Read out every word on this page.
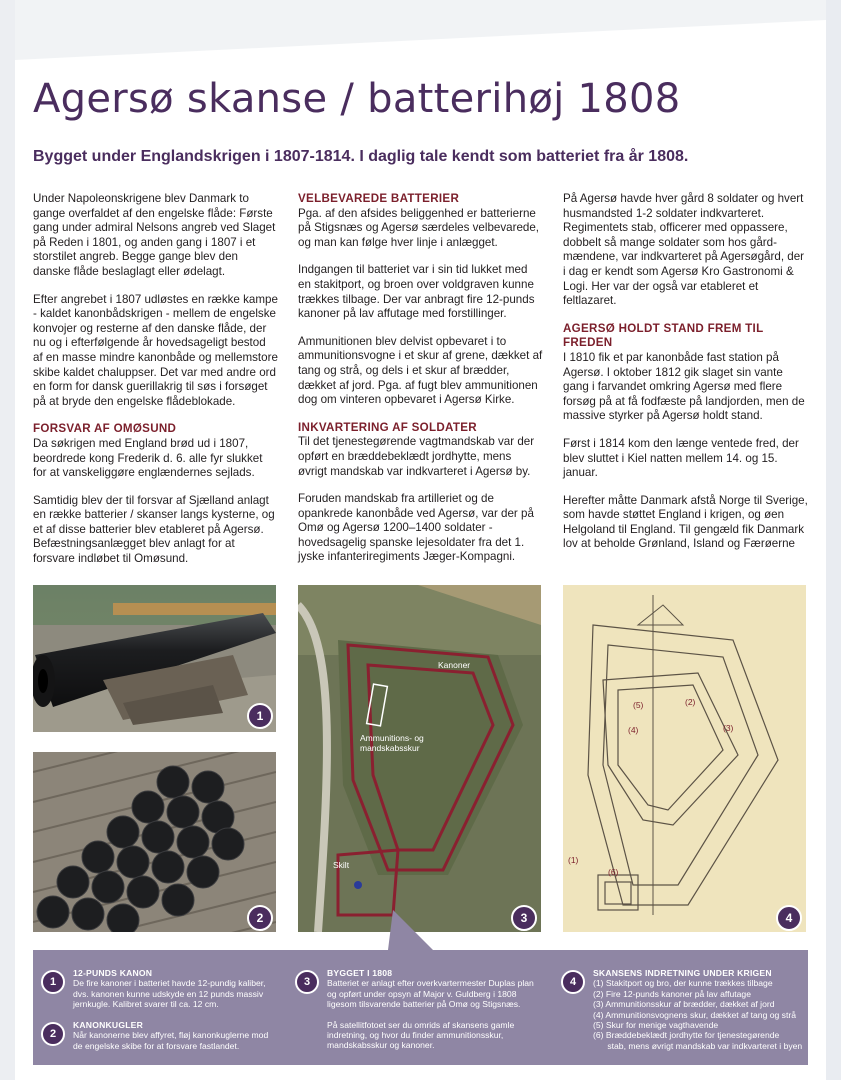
Agersø skanse / batterihøj 1808
Bygget under Englandskrigen i 1807-1814. I daglig tale kendt som batteriet fra år 1808.

Under Napoleonskrigene blev Danmark to gange overfaldet af den engelske flåde: Første gang under admiral Nelsons angreb ved Slaget på Reden i 1801, og anden gang i 1807 i et storstilet angreb. Begge gange blev den danske flåde beslaglagt eller ødelagt.

Efter angrebet i 1807 udløstes en række kampe - kaldet kanonbådskrigen - mellem de engelske konvojer og resterne af den danske flåde, der nu og i efterfølgende år hovedsageligt bestod af en masse mindre kanonbåde og mellemstore skibe kaldet chaluppser. Det var med andre ord en form for dansk guerillakrig til søs i forsøget på at bryde den engelske flådeblokade.

FORSVAR AF OMØSUND

Da søkrigen med England brød ud i 1807, beordrede kong Frederik d. 6. alle fyr slukket for at vanskeliggøre englændernes sejlads.

Samtidig blev der til forsvar af Sjælland anlagt en række batterier / skanser langs kysterne, og et af disse batterier blev etableret på Agersø. Befæstningsanlægget blev anlagt for at forsvare indløbet til Omøsund.

VELBEVAREDE BATTERIER

Pga. af den afsides beliggenhed er batterierne på Stigsnæs og Agersø særdeles velbevarede, og man kan følge hver linje i anlægget.

Indgangen til batteriet var i sin tid lukket med en stakitport, og broen over voldgraven kunne trækkes tilbage. Der var anbragt fire 12-punds kanoner på lav affutage med forstillinger.

Ammunitionen blev delvist opbevaret i to ammunitionsvogne i et skur af grene, dækket af tang og strå, og dels i et skur af brædder, dækket af jord. Pga. af fugt blev ammunitionen dog om vinteren opbevaret i Agersø Kirke.

INKVARTERING AF SOLDATER

Til det tjenestegørende vagtmandskab var der opført en bræddebeklædt jordhytte, mens øvrigt mandskab var indkvarteret i Agersø by.

Foruden mandskab fra artilleriet og de opankrede kanonbåde ved Agersø, var der på Omø og Agersø 1200–1400 soldater - hovedsagelig spanske lejesoldater fra det 1. jyske infanteriregiments Jæger-Kompagni.

På Agersø havde hver gård 8 soldater og hvert husmandsted 1-2 soldater indkvarteret. Regimentets stab, officerer med oppassere, dobbelt så mange soldater som hos gård-mændene, var indkvarteret på Agersøgård, der i dag er kendt som Agersø Kro Gastronomi & Logi. Her var der også var etableret et feltlazaret.

AGERSØ HOLDT STAND FREM TIL FREDEN

I 1810 fik et par kanonbåde fast station på Agersø. I oktober 1812 gik slaget sin vante gang i farvandet omkring Agersø med flere forsøg på at få fodfæste på landjorden, men de massive styrker på Agersø holdt stand.

Først i 1814 kom den længe ventede fred, der blev sluttet i Kiel natten mellem 14. og 15. januar.

Herefter måtte Danmark afstå Norge til Sverige, som havde støttet England i krigen, og øen Helgoland til England. Til gengæld fik Danmark lov at beholde Grønland, Island og Færøerne

1
2
Kanoner
Ammunitions- og mandskabsskur
Skilt
3
(1)
(2)
(3)
(4)
(5)
(6)
4
1

12-PUNDS KANON

De fire kanoner i batteriet havde 12-pundig kaliber, dvs. kanonen kunne udskyde en 12 punds massiv jernkugle. Kalibret svarer til ca. 12 cm.

2

KANONKUGLER

Når kanonerne blev affyret, fløj kanonkuglerne mod de engelske skibe for at forsvare fastlandet.

3

BYGGET I 1808

Batteriet er anlagt efter overkvartermester Duplas plan og opført under opsyn af Major v. Guldberg i 1808 ligesom tilsvarende batterier på Omø og Stigsnæs.

På satellitfotoet ser du omrids af skansens gamle indretning, og hvor du finder ammunitionsskur, mandskabsskur og kanoner.

4

SKANSENS INDRETNING UNDER KRIGEN

(1) Stakitport og bro, der kunne trækkes tilbage

(2) Fire 12-punds kanoner på lav affutage

(3) Ammunitionsskur af brædder, dækket af jord

(4) Ammunitionsvognens skur, dækket af tang og strå

(5) Skur for menige vagthavende

(6) Bræddebeklædt jordhytte for tjenestegørende

stab, mens øvrigt mandskab var indkvarteret i byen
